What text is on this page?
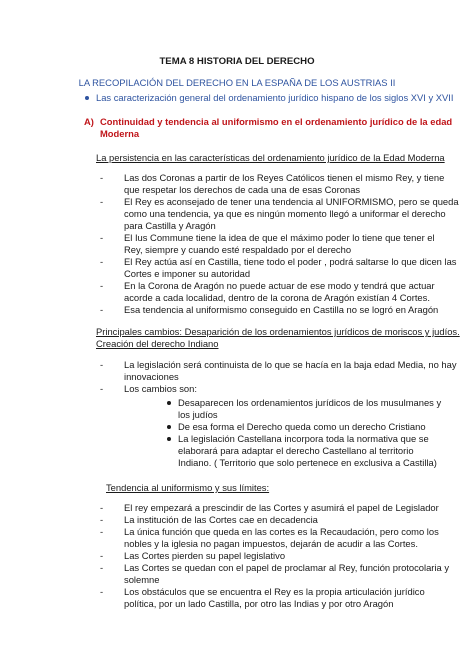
TEMA 8 HISTORIA DEL DERECHO
LA RECOPILACIÓN DEL DERECHO EN LA ESPAÑA DE LOS AUSTRIAS II
Las caracterización general del ordenamiento jurídico hispano de los siglos XVI y XVII
A) Continuidad y tendencia al uniformismo en el ordenamiento jurídico de la edad
Moderna
La persistencia en las características del ordenamiento jurídico de la Edad Moderna
- Las dos Coronas a partir de los Reyes Católicos tienen el mismo Rey, y tiene
que respetar los derechos de cada una de esas Coronas
- El Rey es aconsejado de tener una tendencia al UNIFORMISMO, pero se queda
como una tendencia, ya que es ningún momento llegó a uniformar el derecho
para Castilla y Aragón
- El Ius Commune tiene la idea de que el máximo poder lo tiene que tener el
Rey, siempre y cuando esté respaldado por el derecho
- El Rey actúa así en Castilla, tiene todo el poder , podrá saltarse lo que dicen las
Cortes e imponer su autoridad
- En la Corona de Aragón no puede actuar de ese modo y tendrá que actuar
acorde a cada localidad, dentro de la corona de Aragón existían 4 Cortes.
- Esa tendencia al uniformismo conseguido en Castilla no se logró en Aragón
Principales cambios: Desaparición de los ordenamientos jurídicos de moriscos y judíos.
Creación del derecho Indiano
- La legislación será continuista de lo que se hacía en la baja edad Media, no hay
innovaciones
- Los cambios son:
Desaparecen los ordenamientos jurídicos de los musulmanes y
los judíos
De esa forma el Derecho queda como un derecho Cristiano
La legislación Castellana incorpora toda la normativa que se
elaborará para adaptar el derecho Castellano al territorio
Indiano. ( Territorio que solo pertenece en exclusiva a Castilla)
Tendencia al uniformismo y sus límites:
- El rey empezará a prescindir de las Cortes y asumirá el papel de Legislador
- La institución de las Cortes cae en decadencia
- La única función que queda en las cortes es la Recaudación, pero como los
nobles y la iglesia no pagan impuestos, dejarán de acudir a las Cortes.
- Las Cortes pierden su papel legislativo
- Las Cortes se quedan con el papel de proclamar al Rey, función protocolaria y
solemne
- Los obstáculos que se encuentra el Rey es la propia articulación jurídico
política, por un lado Castilla, por otro las Indias y por otro Aragón
